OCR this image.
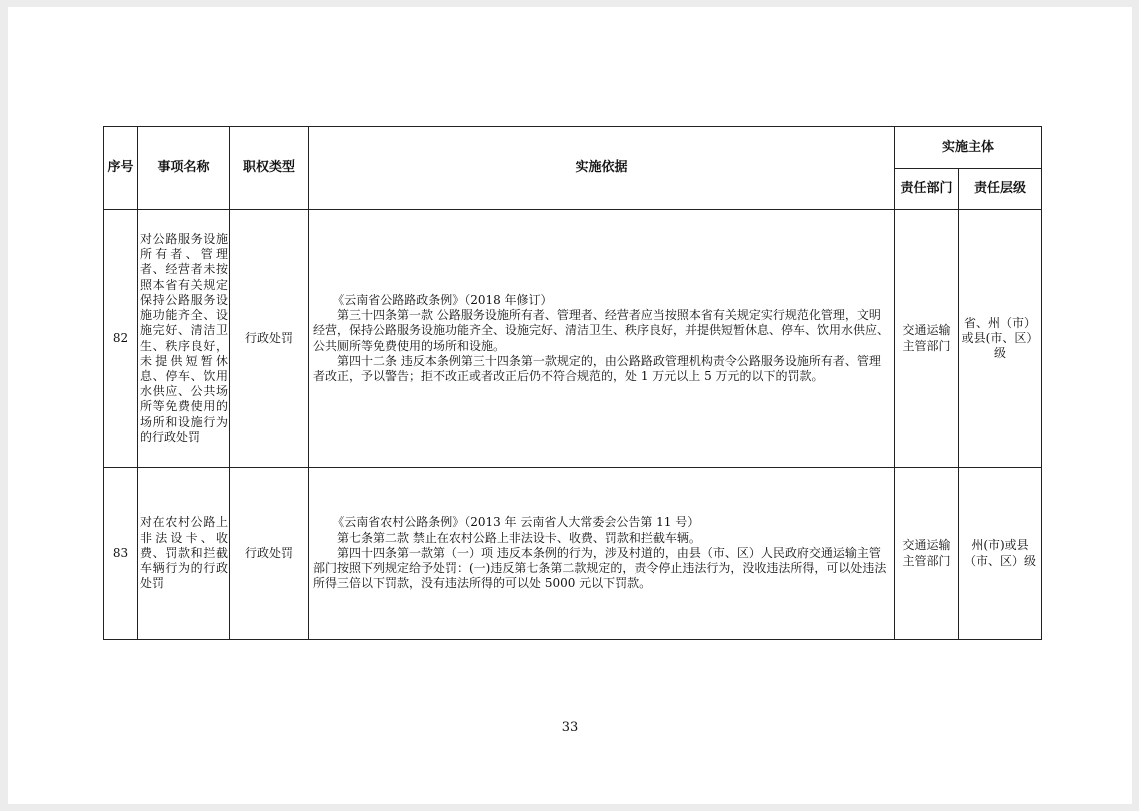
序号	事项名称	职权类型	实施依据	实施主体	
				责任部门	责任层级
82	对公路服务设施所有者、管理者、经营者未按照本省有关规定保持公路服务设施功能齐全、设施完好、清洁卫生、秩序良好，未提供短暂休息、停车、饮用水供应、公共场所等免费使用的场所和设施行为的行政处罚	行政处罚	《云南省公路路政条例》（2018 年修订）

第三十四条第一款 公路服务设施所有者、管理者、经营者应当按照本省有关规定实行规范化管理，文明经营，保持公路服务设施功能齐全、设施完好、清洁卫生、秩序良好，并提供短暂休息、停车、饮用水供应、公共厕所等免费使用的场所和设施。

第四十二条 违反本条例第三十四条第一款规定的，由公路路政管理机构责令公路服务设施所有者、管理者改正，予以警告；拒不改正或者改正后仍不符合规范的，处 1 万元以上 5 万元的以下的罚款。	交通运输主管部门	省、州（市）或县(市、区）级
83	对在农村公路上非法设卡、收费、罚款和拦截车辆行为的行政处罚	行政处罚	《云南省农村公路条例》（2013 年 云南省人大常委会公告第 11 号）

第七条第二款 禁止在农村公路上非法设卡、收费、罚款和拦截车辆。

第四十四条第一款第（一）项 违反本条例的行为，涉及村道的，由县（市、区）人民政府交通运输主管部门按照下列规定给予处罚：(一)违反第七条第二款规定的，责令停止违法行为，没收违法所得，可以处违法所得三倍以下罚款，没有违法所得的可以处 5000 元以下罚款。	交通运输主管部门	州(市)或县（市、区）级
33
